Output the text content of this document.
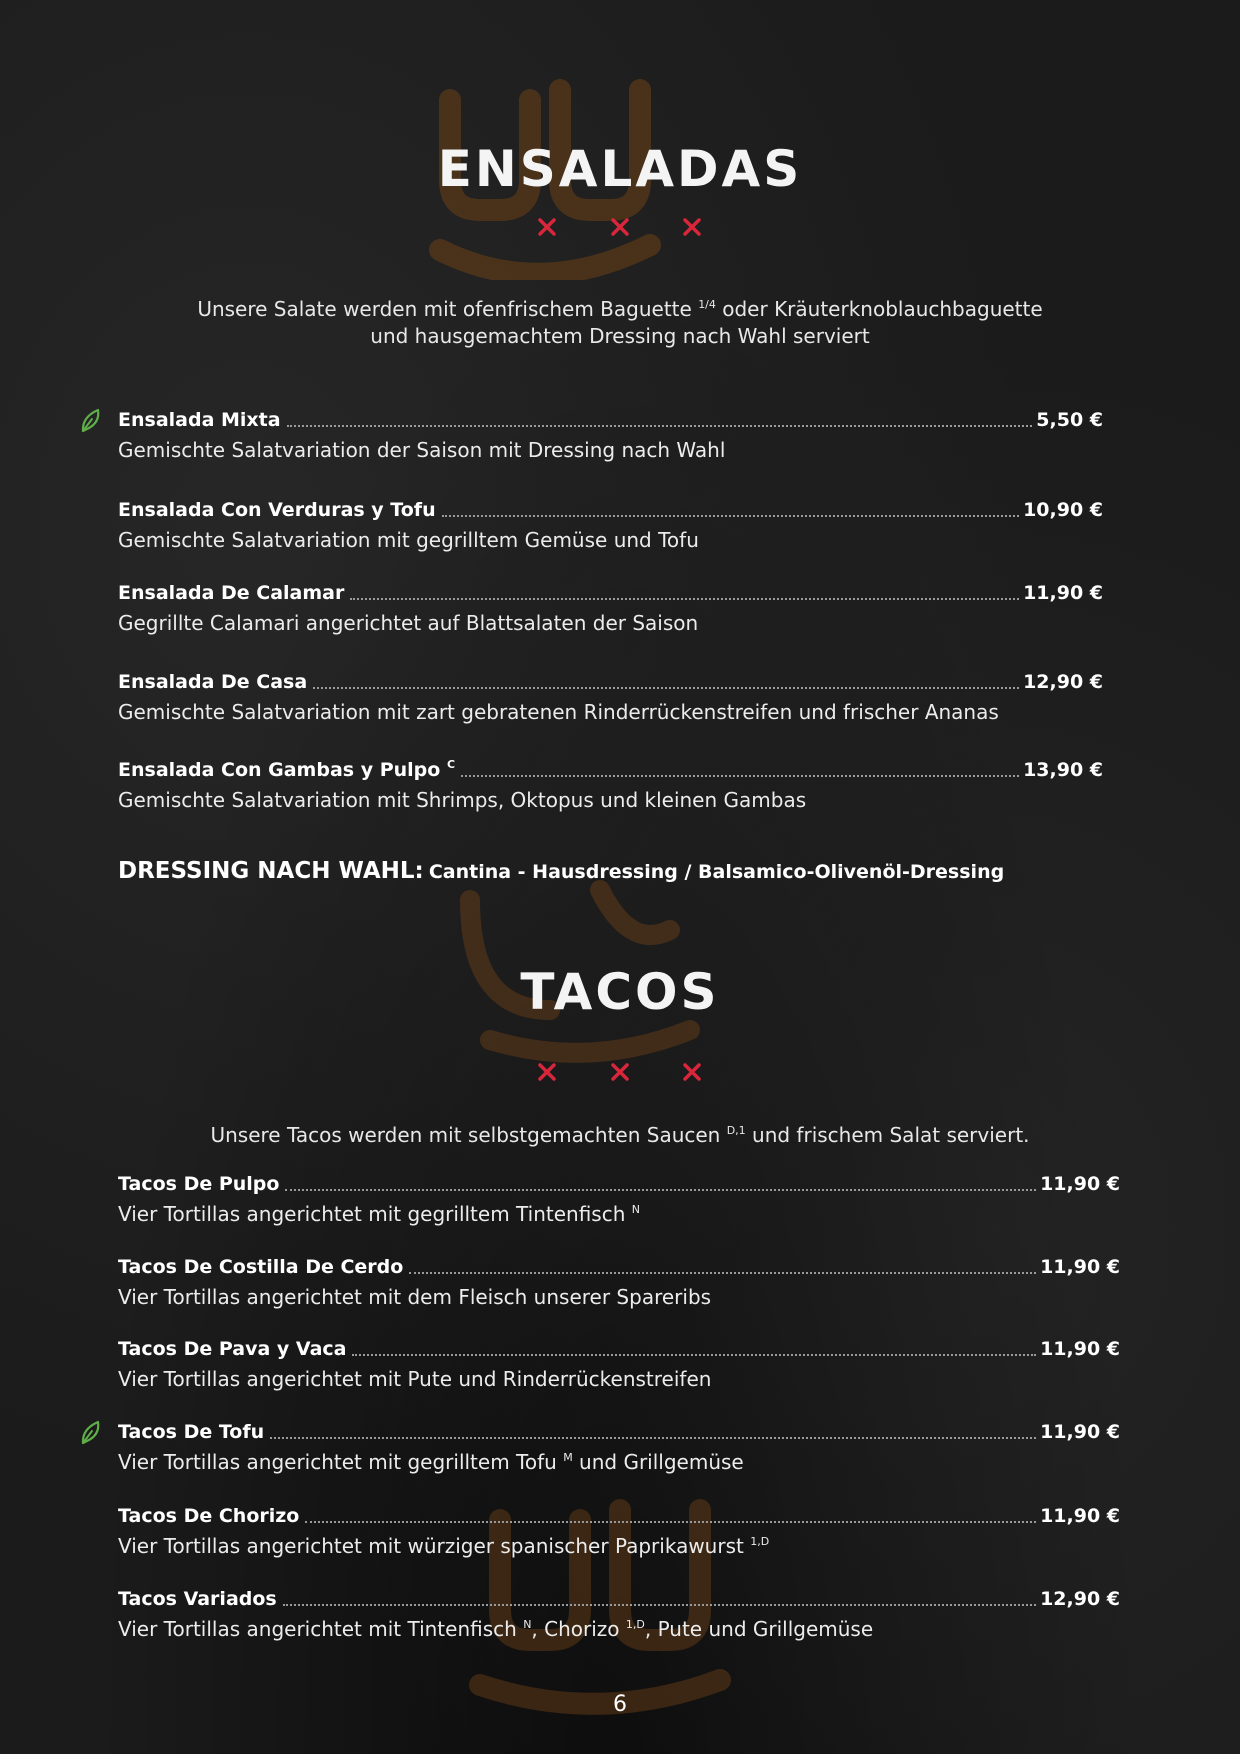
ENSALADAS
Unsere Salate werden mit ofenfrischem Baguette $^{1/4}$ oder Kräuterknoblauchbaguette
und hausgemachtem Dressing nach Wahl serviert
Ensalada Mixta	5,50 €
Gemischte Salatvariation der Saison mit Dressing nach Wahl
Ensalada Con Verduras y Tofu	10,90 €
Gemischte Salatvariation mit gegrilltem Gemüse und Tofu
Ensalada De Calamar	11,90 €
Gegrillte Calamari angerichtet auf Blattsalaten der Saison
Ensalada De Casa	12,90 €
Gemischte Salatvariation mit zart gebratenen Rinderrückenstreifen und frischer Ananas
Ensalada Con Gambas y Pulpo $^C$	13,90 €
Gemischte Salatvariation mit Shrimps, Oktopus und kleinen Gambas
DRESSING NACH WAHL: Cantina - Hausdressing / Balsamico-Olivenöl-Dressing
TACOS
Unsere Tacos werden mit selbstgemachten Saucen $^{D,1}$ und frischem Salat serviert.
Tacos De Pulpo	11,90 €
Vier Tortillas angerichtet mit gegrilltem Tintenfisch $^N$
Tacos De Costilla De Cerdo	11,90 €
Vier Tortillas angerichtet mit dem Fleisch unserer Spareribs
Tacos De Pava y Vaca	11,90 €
Vier Tortillas angerichtet mit Pute und Rinderrückenstreifen
Tacos De Tofu	11,90 €
Vier Tortillas angerichtet mit gegrilltem Tofu $^M$ und Grillgemüse
Tacos De Chorizo	11,90 €
Vier Tortillas angerichtet mit würziger spanischer Paprikawurst $^{1,D}$
Tacos Variados	12,90 €
Vier Tortillas angerichtet mit Tintenfisch $^N$, Chorizo $^{1,D}$, Pute und Grillgemüse
6
